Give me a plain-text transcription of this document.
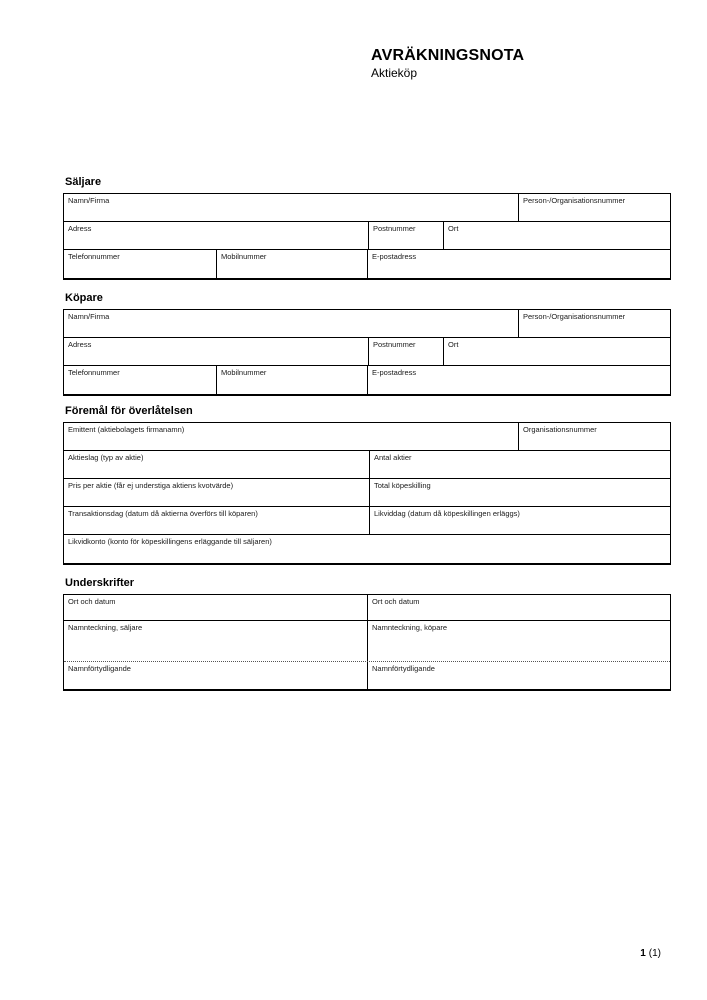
AVRÄKNINGSNOTA
Aktieköp
Säljare
Namn/Firma	Person-/Organisationsnummer
Adress	Postnummer	Ort
Telefonnummer	Mobilnummer	E-postadress
Köpare
Namn/Firma	Person-/Organisationsnummer
Adress	Postnummer	Ort
Telefonnummer	Mobilnummer	E-postadress
Föremål för överlåtelsen
Emittent (aktiebolagets firmanamn)	Organisationsnummer
Aktieslag (typ av aktie)	Antal aktier
Pris per aktie (får ej understiga aktiens kvotvärde)	Total köpeskilling
Transaktionsdag (datum då aktierna överförs till köparen)	Likviddag (datum då köpeskillingen erläggs)
Likvidkonto (konto för köpeskillingens erläggande till säljaren)
Underskrifter
Ort och datum	Ort och datum
Namnteckning, säljare	Namnteckning, köpare
Namnförtydligande	Namnförtydligande
1 (1)
